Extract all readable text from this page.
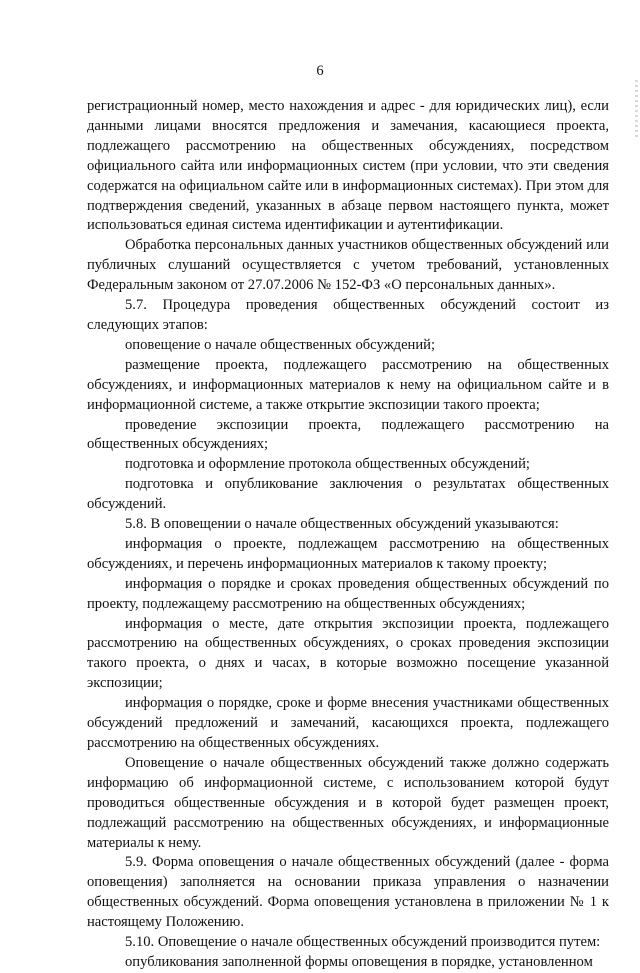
6

регистрационный номер, место нахождения и адрес - для юридических лиц), если данными лицами вносятся предложения и замечания, касающиеся проекта, подлежащего рассмотрению на общественных обсуждениях, посредством официального сайта или информационных систем (при условии, что эти сведения содержатся на официальном сайте или в информационных системах). При этом для подтверждения сведений, указанных в абзаце первом настоящего пункта, может использоваться единая система идентификации и аутентификации.

Обработка персональных данных участников общественных обсуждений или публичных слушаний осуществляется с учетом требований, установленных Федеральным законом от 27.07.2006 № 152-ФЗ «О персональных данных».

5.7. Процедура проведения общественных обсуждений состоит из следующих этапов:

оповещение о начале общественных обсуждений;

размещение проекта, подлежащего рассмотрению на общественных обсуждениях, и информационных материалов к нему на официальном сайте и в информационной системе, а также открытие экспозиции такого проекта;

проведение экспозиции проекта, подлежащего рассмотрению на общественных обсуждениях;

подготовка и оформление протокола общественных обсуждений;

подготовка и опубликование заключения о результатах общественных обсуждений.

5.8. В оповещении о начале общественных обсуждений указываются:

информация о проекте, подлежащем рассмотрению на общественных обсуждениях, и перечень информационных материалов к такому проекту;

информация о порядке и сроках проведения общественных обсуждений по проекту, подлежащему рассмотрению на общественных обсуждениях;

информация о месте, дате открытия экспозиции проекта, подлежащего рассмотрению на общественных обсуждениях, о сроках проведения экспозиции такого проекта, о днях и часах, в которые возможно посещение указанной экспозиции;

информация о порядке, сроке и форме внесения участниками общественных обсуждений предложений и замечаний, касающихся проекта, подлежащего рассмотрению на общественных обсуждениях.

Оповещение о начале общественных обсуждений также должно содержать информацию об информационной системе, с использованием которой будут проводиться общественные обсуждения и в которой будет размещен проект, подлежащий рассмотрению на общественных обсуждениях, и информационные материалы к нему.

5.9. Форма оповещения о начале общественных обсуждений (далее - форма оповещения) заполняется на основании приказа управления о назначении общественных обсуждений. Форма оповещения установлена в приложении № 1 к настоящему Положению.

5.10. Оповещение о начале общественных обсуждений производится путем:

опубликования заполненной формы оповещения в порядке, установленном
